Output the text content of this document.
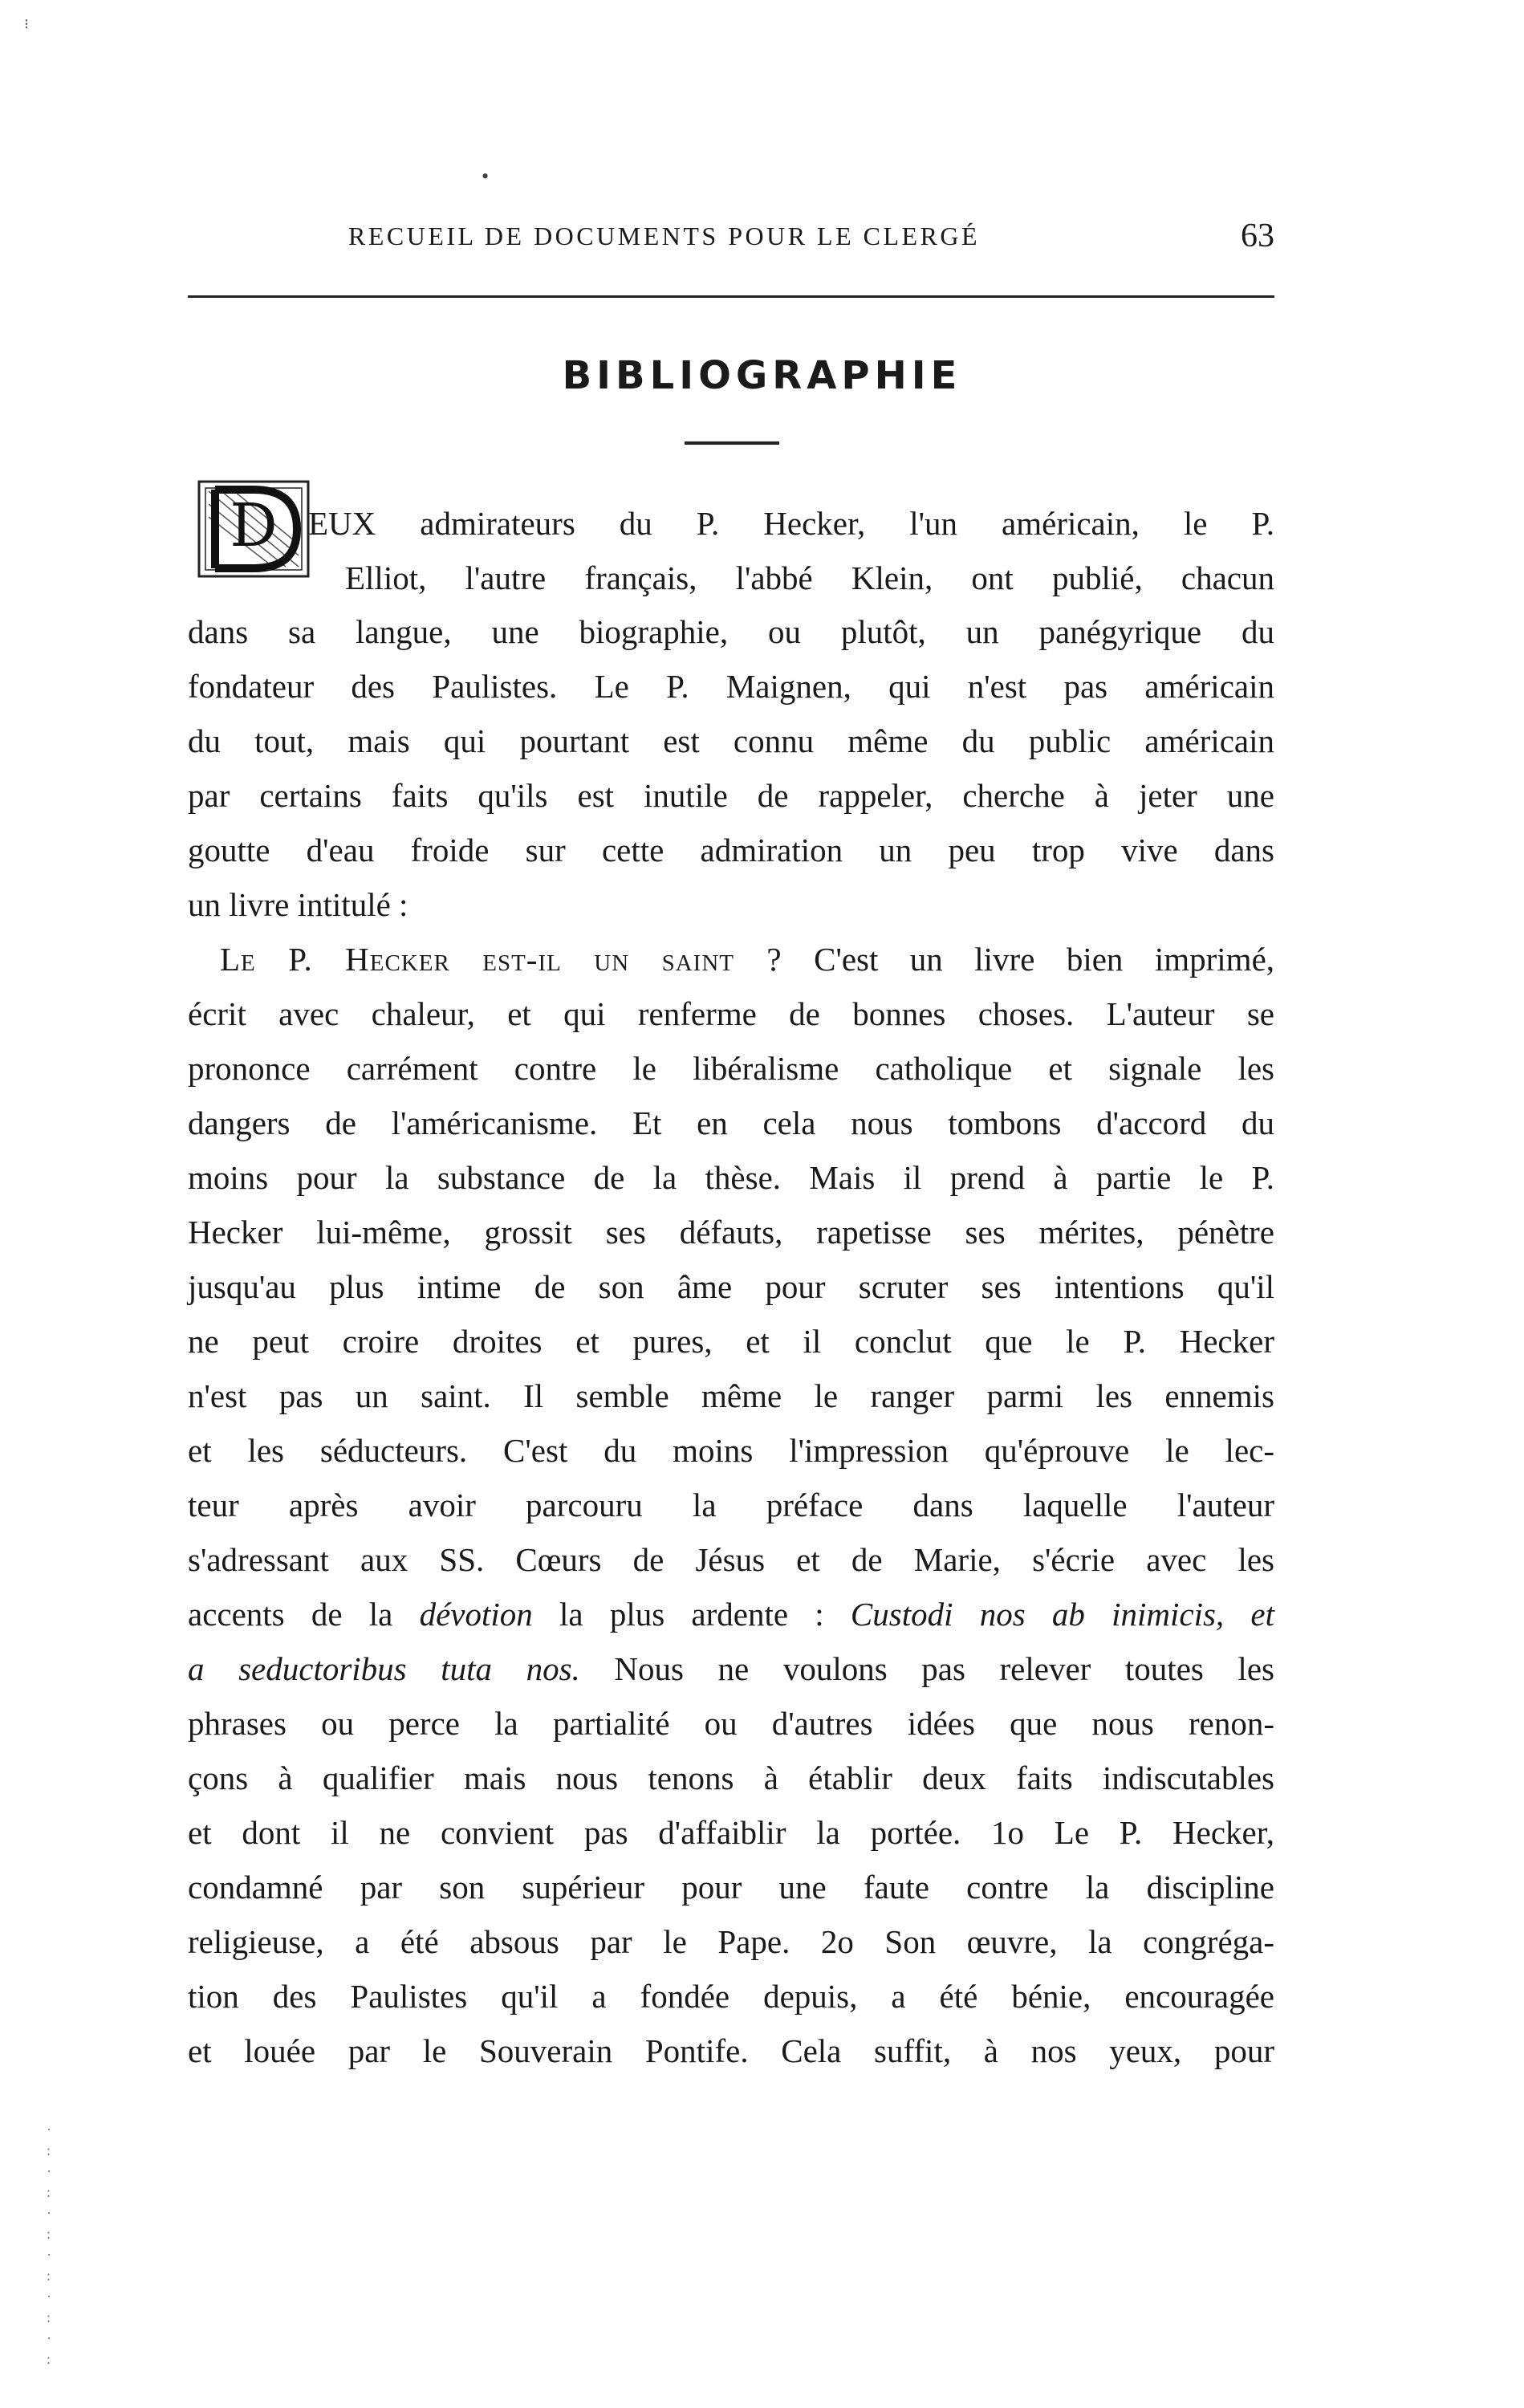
⁝
•
RECUEIL DE DOCUMENTS POUR LE CLERGÉ	63
BIBLIOGRAPHIE
D EUX admirateurs du P. Hecker, l'un américain, le P.
Elliot, l'autre français, l'abbé Klein, ont publié, chacun
dans sa langue, une biographie, ou plutôt, un panégyrique du
fondateur des Paulistes. Le P. Maignen, qui n'est pas américain
du tout, mais qui pourtant est connu même du public américain
par certains faits qu'ils est inutile de rappeler, cherche à jeter une
goutte d'eau froide sur cette admiration un peu trop vive dans
un livre intitulé :
Le P. Hecker est-il un saint ? C'est un livre bien imprimé,
écrit avec chaleur, et qui renferme de bonnes choses. L'auteur se
prononce carrément contre le libéralisme catholique et signale les
dangers de l'américanisme. Et en cela nous tombons d'accord du
moins pour la substance de la thèse. Mais il prend à partie le P.
Hecker lui-même, grossit ses défauts, rapetisse ses mérites, pénètre
jusqu'au plus intime de son âme pour scruter ses intentions qu'il
ne peut croire droites et pures, et il conclut que le P. Hecker
n'est pas un saint. Il semble même le ranger parmi les ennemis
et les séducteurs. C'est du moins l'impression qu'éprouve le lec-
teur après avoir parcouru la préface dans laquelle l'auteur
s'adressant aux SS. Cœurs de Jésus et de Marie, s'écrie avec les
accents de la dévotion la plus ardente : Custodi nos ab inimicis, et
a seductoribus tuta nos. Nous ne voulons pas relever toutes les
phrases ou perce la partialité ou d'autres idées que nous renon-
çons à qualifier mais nous tenons à établir deux faits indiscutables
et dont il ne convient pas d'affaiblir la portée. 1o Le P. Hecker,
condamné par son supérieur pour une faute contre la discipline
religieuse, a été absous par le Pape. 2o Son œuvre, la congréga-
tion des Paulistes qu'il a fondée depuis, a été bénie, encouragée
et louée par le Souverain Pontife. Cela suffit, à nos yeux, pour
·
:
·
:
·
:
·
:
·
:
·
:
